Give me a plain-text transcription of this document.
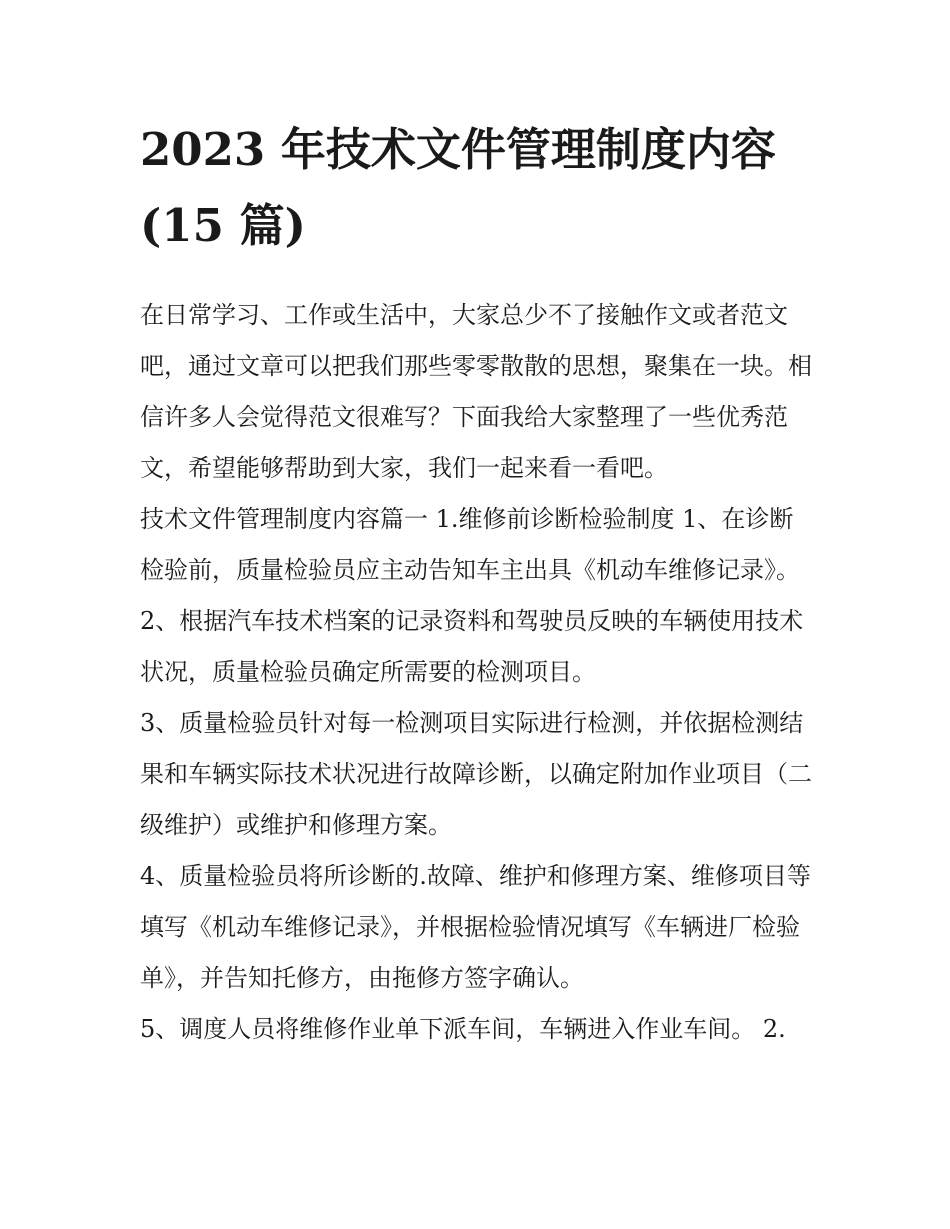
2023 年技术文件管理制度内容 (15 篇)

在日常学习、工作或生活中，大家总少不了接触作文或者范文吧，通过文章可以把我们那些零零散散的思想，聚集在一块。相信许多人会觉得范文很难写？下面我给大家整理了一些优秀范文，希望能够帮助到大家，我们一起来看一看吧。

技术文件管理制度内容篇一 1.维修前诊断检验制度 1、在诊断检验前，质量检验员应主动告知车主出具《机动车维修记录》。

2、根据汽车技术档案的记录资料和驾驶员反映的车辆使用技术状况，质量检验员确定所需要的检测项目。

3、质量检验员针对每一检测项目实际进行检测，并依据检测结果和车辆实际技术状况进行故障诊断，以确定附加作业项目（二级维护）或维护和修理方案。

4、质量检验员将所诊断的.故障、维护和修理方案、维修项目等填写《机动车维修记录》，并根据检验情况填写《车辆进厂检验单》，并告知托修方，由拖修方签字确认。

5、调度人员将维修作业单下派车间，车辆进入作业车间。 2.
